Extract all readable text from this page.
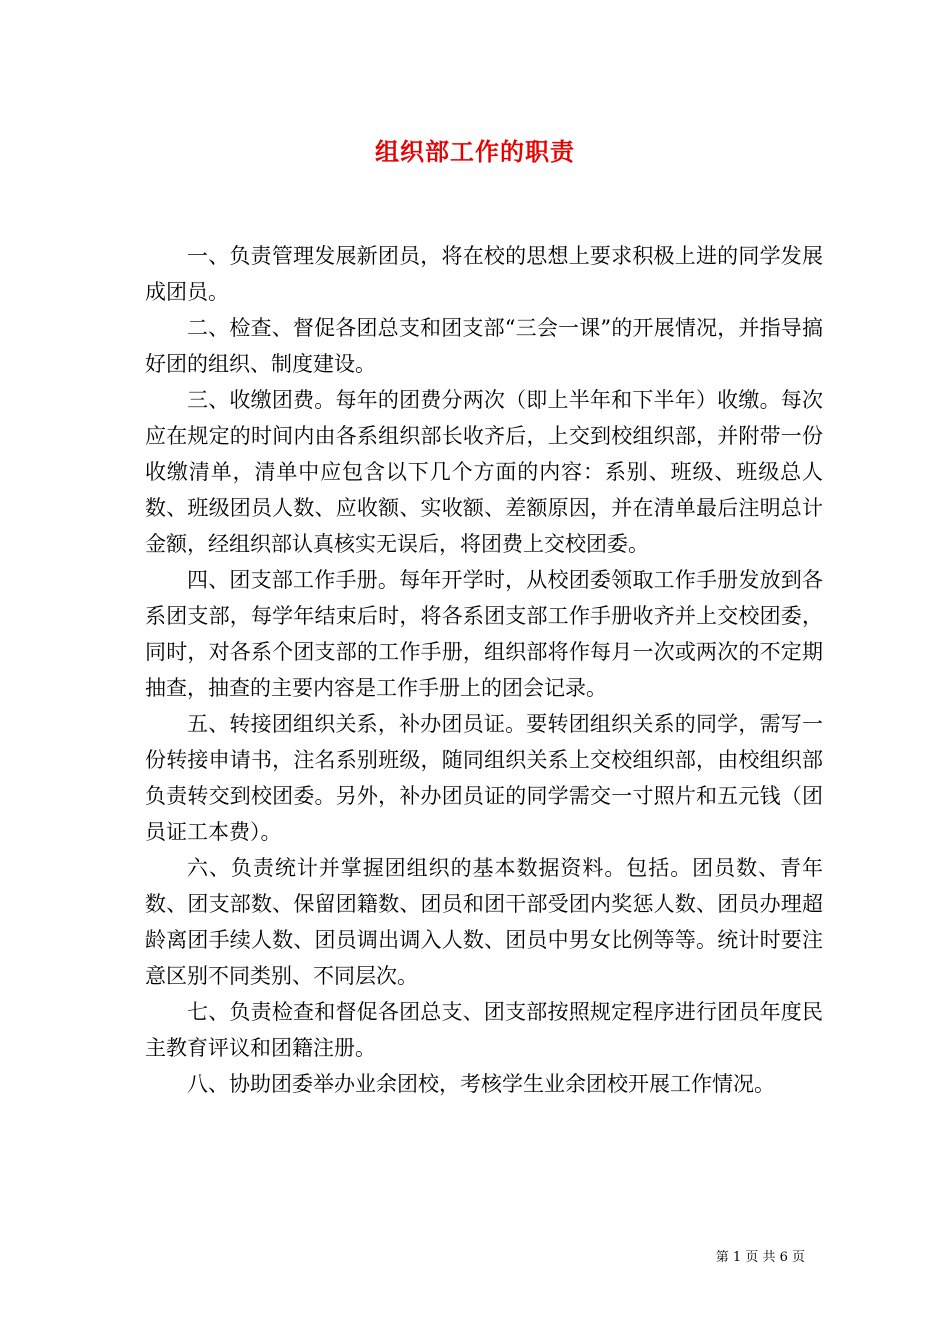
组织部工作的职责

一、负责管理发展新团员，将在校的思想上要求积极上进的同学发展成团员。

二、检查、督促各团总支和团支部“三会一课”的开展情况，并指导搞好团的组织、制度建设。

三、收缴团费。每年的团费分两次（即上半年和下半年）收缴。每次应在规定的时间内由各系组织部长收齐后，上交到校组织部，并附带一份收缴清单，清单中应包含以下几个方面的内容：系别、班级、班级总人数、班级团员人数、应收额、实收额、差额原因，并在清单最后注明总计金额，经组织部认真核实无误后，将团费上交校团委。

四、团支部工作手册。每年开学时，从校团委领取工作手册发放到各系团支部，每学年结束后时，将各系团支部工作手册收齐并上交校团委，同时，对各系个团支部的工作手册，组织部将作每月一次或两次的不定期抽查，抽查的主要内容是工作手册上的团会记录。

五、转接团组织关系，补办团员证。要转团组织关系的同学，需写一份转接申请书，注名系别班级，随同组织关系上交校组织部，由校组织部负责转交到校团委。另外，补办团员证的同学需交一寸照片和五元钱（团员证工本费）。

六、负责统计并掌握团组织的基本数据资料。包括。团员数、青年数、团支部数、保留团籍数、团员和团干部受团内奖惩人数、团员办理超龄离团手续人数、团员调出调入人数、团员中男女比例等等。统计时要注意区别不同类别、不同层次。

七、负责检查和督促各团总支、团支部按照规定程序进行团员年度民主教育评议和团籍注册。

八、协助团委举办业余团校，考核学生业余团校开展工作情况。

第 1 页 共 6 页
